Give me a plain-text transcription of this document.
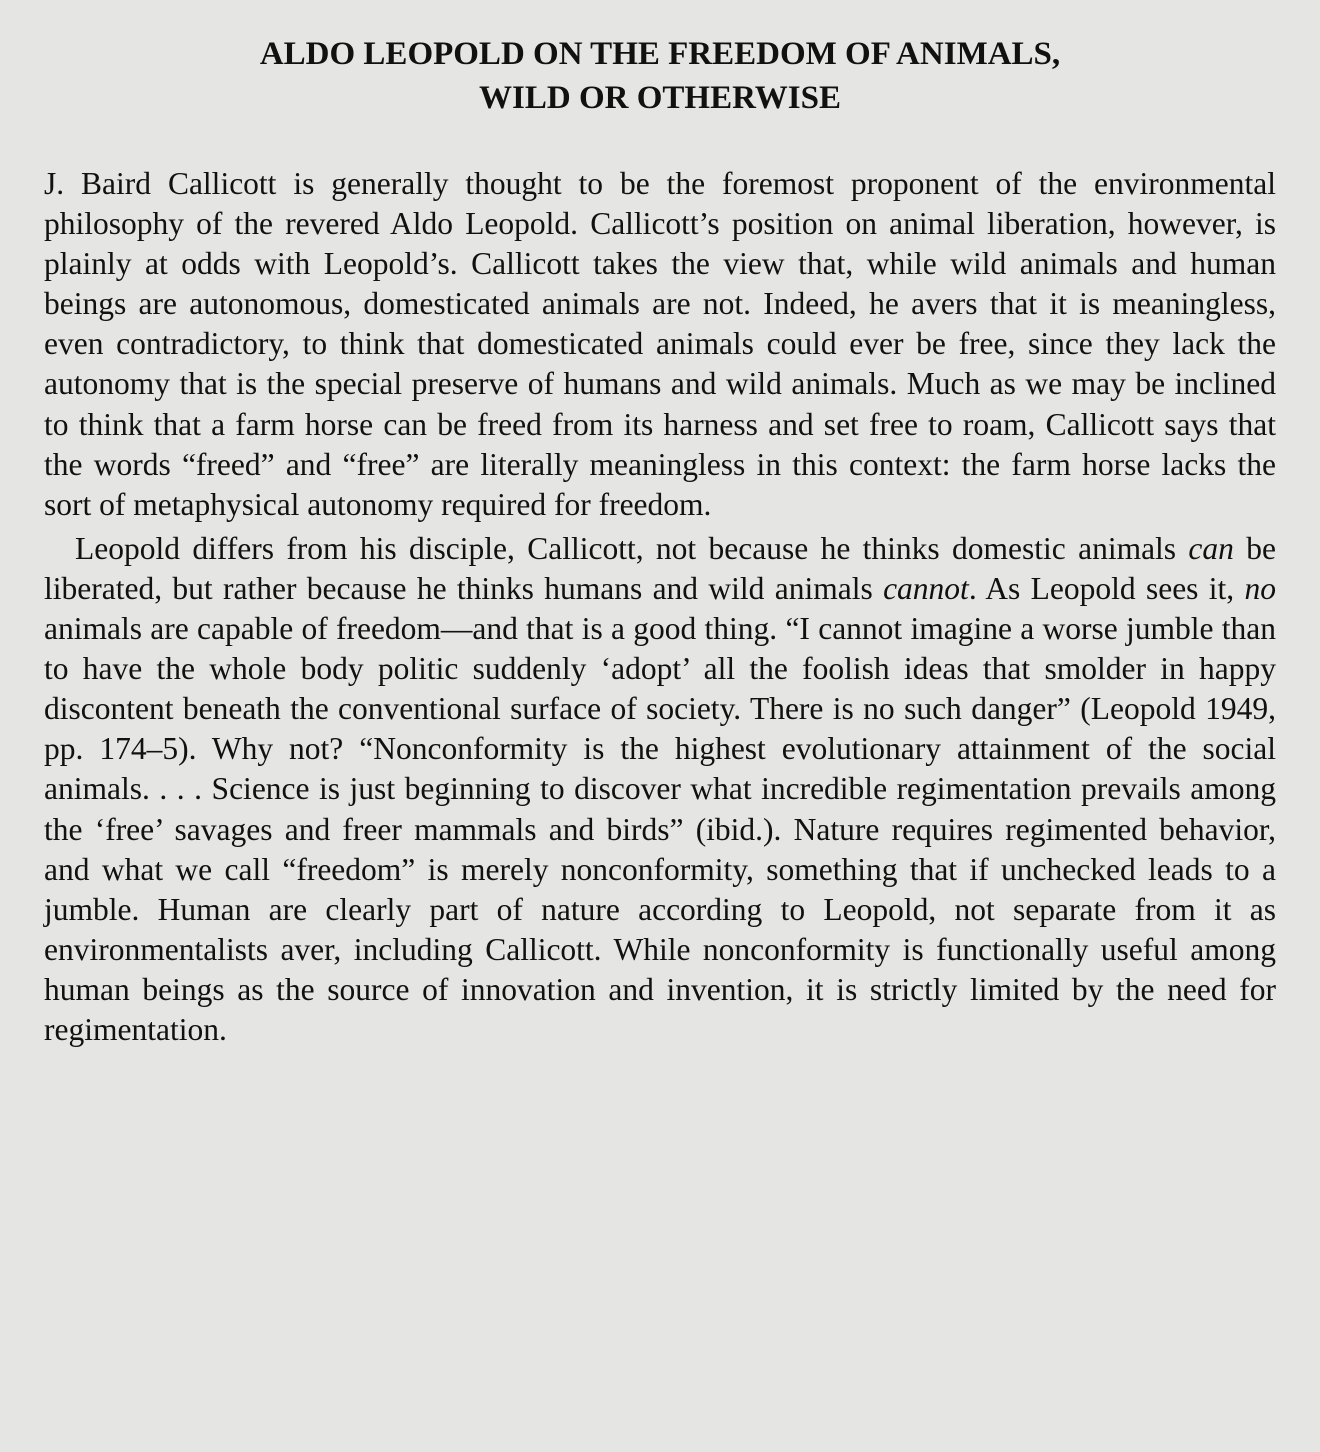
ALDO LEOPOLD ON THE FREEDOM OF ANIMALS,
WILD OR OTHERWISE

J. Baird Callicott is generally thought to be the foremost proponent of the environmental philosophy of the revered Aldo Leopold. Callicott’s position on animal liberation, however, is plainly at odds with Leopold’s. Callicott takes the view that, while wild animals and human beings are autonomous, domesticated animals are not. Indeed, he avers that it is meaningless, even contradictory, to think that domesticated animals could ever be free, since they lack the autonomy that is the special preserve of humans and wild animals. Much as we may be inclined to think that a farm horse can be freed from its harness and set free to roam, Callicott says that the words “freed” and “free” are literally meaningless in this context: the farm horse lacks the sort of metaphysical autonomy required for freedom.

Leopold differs from his disciple, Callicott, not because he thinks domestic animals can be liberated, but rather because he thinks humans and wild animals cannot. As Leopold sees it, no animals are capable of freedom—and that is a good thing. “I cannot imagine a worse jumble than to have the whole body politic suddenly ‘adopt’ all the foolish ideas that smolder in happy discontent beneath the conventional surface of society. There is no such danger” (Leopold 1949, pp. 174–5). Why not? “Nonconformity is the highest evolutionary attainment of the social animals. . . . Science is just beginning to discover what incredible regimentation prevails among the ‘free’ savages and freer mammals and birds” (ibid.). Nature requires regimented behavior, and what we call “freedom” is merely nonconformity, something that if unchecked leads to a jumble. Human are clearly part of nature according to Leopold, not separate from it as environmentalists aver, including Callicott. While nonconformity is functionally useful among human beings as the source of innovation and invention, it is strictly limited by the need for regimentation.
